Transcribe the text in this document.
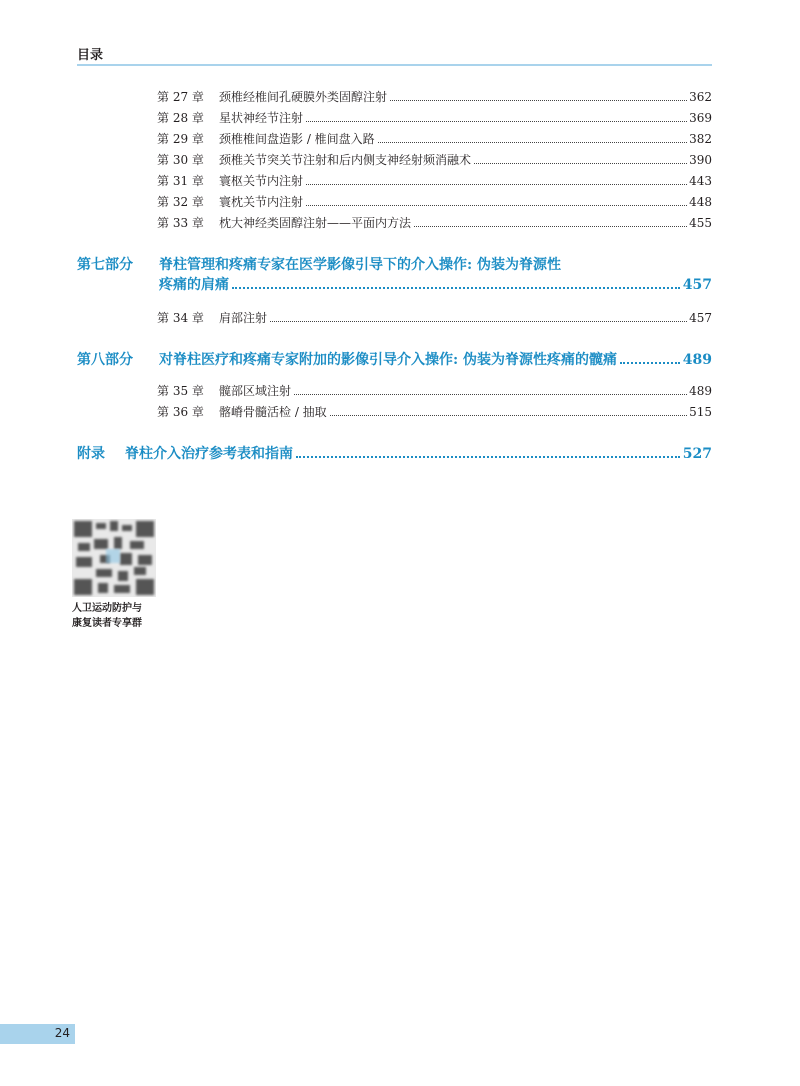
目录
第 27 章	颈椎经椎间孔硬膜外类固醇注射	362
第 28 章	星状神经节注射	369
第 29 章	颈椎椎间盘造影 / 椎间盘入路	382
第 30 章	颈椎关节突关节注射和后内侧支神经射频消融术	390
第 31 章	寰枢关节内注射	443
第 32 章	寰枕关节内注射	448
第 33 章	枕大神经类固醇注射——平面内方法	455
第七部分	脊柱管理和疼痛专家在医学影像引导下的介入操作: 伪装为脊源性
疼痛的肩痛	457
第 34 章	肩部注射	457
第八部分	对脊柱医疗和疼痛专家附加的影像引导介入操作: 伪装为脊源性疼痛的髋痛	489
第 35 章	髋部区域注射	489
第 36 章	髂嵴骨髓活检 / 抽取	515
附录	脊柱介入治疗参考表和指南	527
人卫运动防护与
康复读者专享群
24
